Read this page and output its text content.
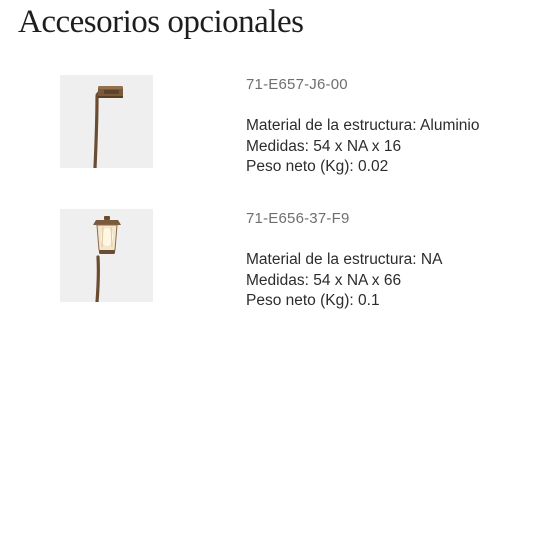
Accesorios opcionales
71-E657-J6-00
Material de la estructura: Aluminio
Medidas: 54 x NA x 16
Peso neto (Kg): 0.02
71-E656-37-F9
Material de la estructura: NA
Medidas: 54 x NA x 66
Peso neto (Kg): 0.1
